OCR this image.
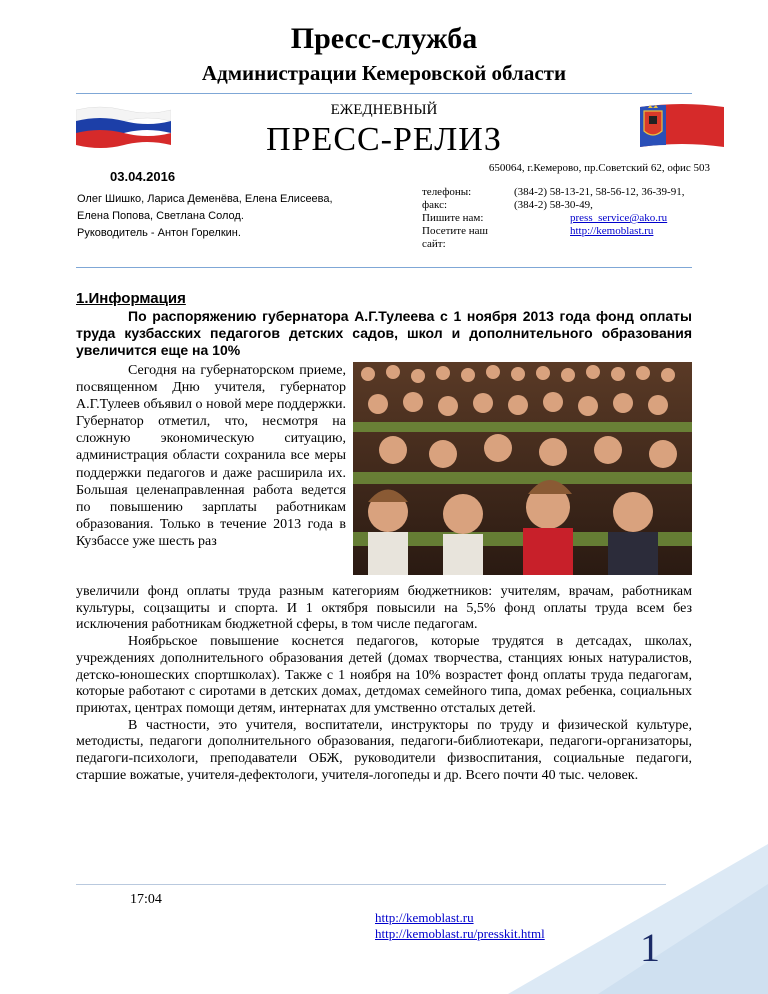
Пресс-служба
Администрации Кемеровской области
ЕЖЕДНЕВНЫЙ
ПРЕСС-РЕЛИЗ
03.04.2016
650064, г.Кемерово, пр.Советский 62, офис 503
Олег Шишко, Лариса Деменёва, Елена Елисеева,
Елена Попова, Светлана Солод.
Руководитель - Антон Горелкин.
телефоны:	(384-2) 58-13-21, 58-56-12, 36-39-91,
факс:	(384-2) 58-30-49,
Пишите нам:	press_service@ako.ru
Посетите наш сайт:
http://kemoblast.ru
1.Информация
По распоряжению губернатора А.Г.Тулеева с 1 ноября 2013 года фонд оплаты труда кузбасских педагогов детских садов, школ и дополнительного образования увеличится еще на 10%
Сегодня на губернаторском приеме, посвященном Дню учителя, губернатор А.Г.Тулеев объявил о новой мере поддержки. Губернатор отметил, что, несмотря на сложную экономическую ситуацию, администрация области сохранила все меры поддержки педагогов и даже расширила их. Большая целенаправленная работа ведется по повышению зарплаты работникам образования. Только в течение 2013 года в Кузбассе уже шесть раз

увеличили фонд оплаты труда разным категориям бюджетников: учителям, врачам, работникам культуры, соцзащиты и спорта. И 1 октября повысили на 5,5% фонд оплаты труда всем без исключения работникам бюджетной сферы, в том числе педагогам.

Ноябрьское повышение коснется педагогов, которые трудятся в детсадах, школах, учреждениях дополнительного образования детей (домах творчества, станциях юных натуралистов, детско-юношеских спортшколах). Также с 1 ноября на 10% возрастет фонд оплаты труда педагогам, которые работают с сиротами в детских домах, детдомах семейного типа, домах ребенка, социальных приютах, центрах помощи детям, интернатах для умственно отсталых детей.

В частности, это учителя, воспитатели, инструкторы по труду и физической культуре, методисты, педагоги дополнительного образования, педагоги-библиотекари, педагоги-организаторы, педагоги-психологи, преподаватели ОБЖ, руководители физвоспитания, социальные педагоги, старшие вожатые, учителя-дефектологи, учителя-логопеды и др. Всего почти 40 тыс. человек.

17:04
http://kemoblast.ru
http://kemoblast.ru/presskit.html 1
